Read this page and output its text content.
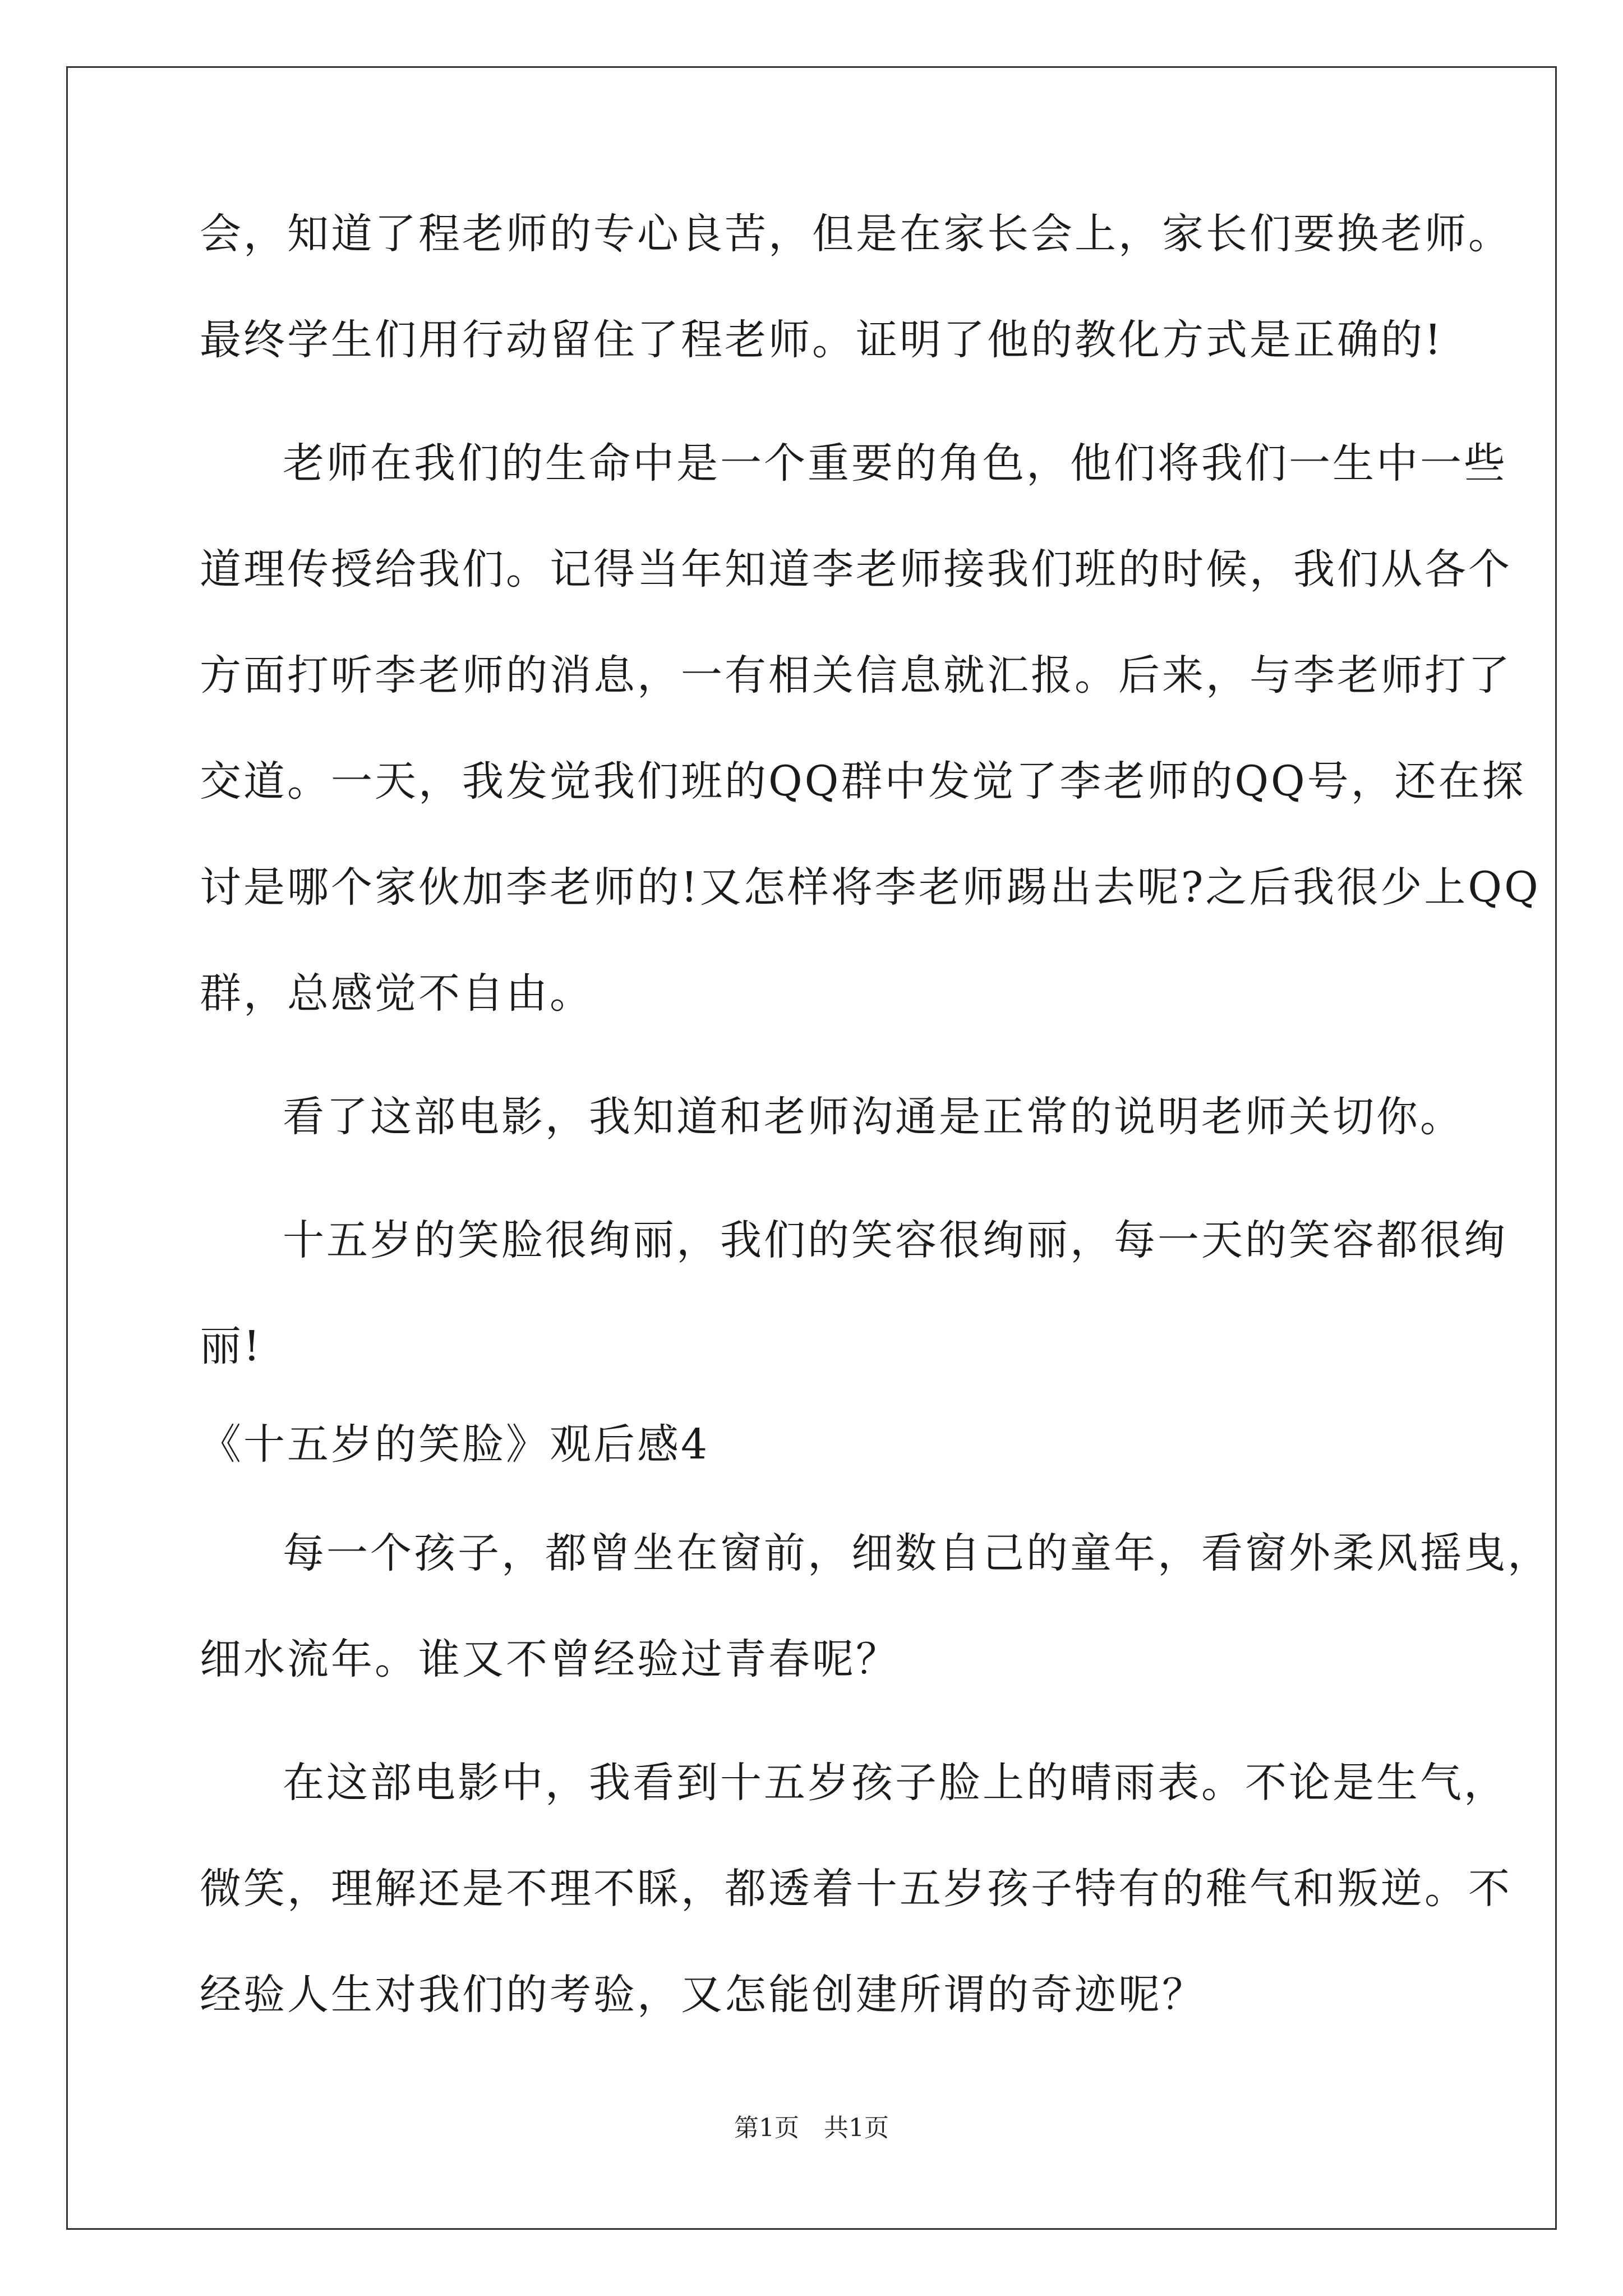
会，知道了程老师的专心良苦，但是在家长会上，家长们要换老师。
最终学生们用行动留住了程老师。证明了他的教化方式是正确的!
老师在我们的生命中是一个重要的角色，他们将我们一生中一些
道理传授给我们。记得当年知道李老师接我们班的时候，我们从各个
方面打听李老师的消息，一有相关信息就汇报。后来，与李老师打了
交道。一天，我发觉我们班的QQ群中发觉了李老师的QQ号，还在探
讨是哪个家伙加李老师的!又怎样将李老师踢出去呢?之后我很少上QQ
群，总感觉不自由。
看了这部电影，我知道和老师沟通是正常的说明老师关切你。
十五岁的笑脸很绚丽，我们的笑容很绚丽，每一天的笑容都很绚
丽!
《十五岁的笑脸》观后感4
每一个孩子，都曾坐在窗前，细数自己的童年，看窗外柔风摇曳，
细水流年。谁又不曾经验过青春呢？
在这部电影中，我看到十五岁孩子脸上的晴雨表。不论是生气，
微笑，理解还是不理不睬，都透着十五岁孩子特有的稚气和叛逆。不
经验人生对我们的考验，又怎能创建所谓的奇迹呢？
第1页　共1页
